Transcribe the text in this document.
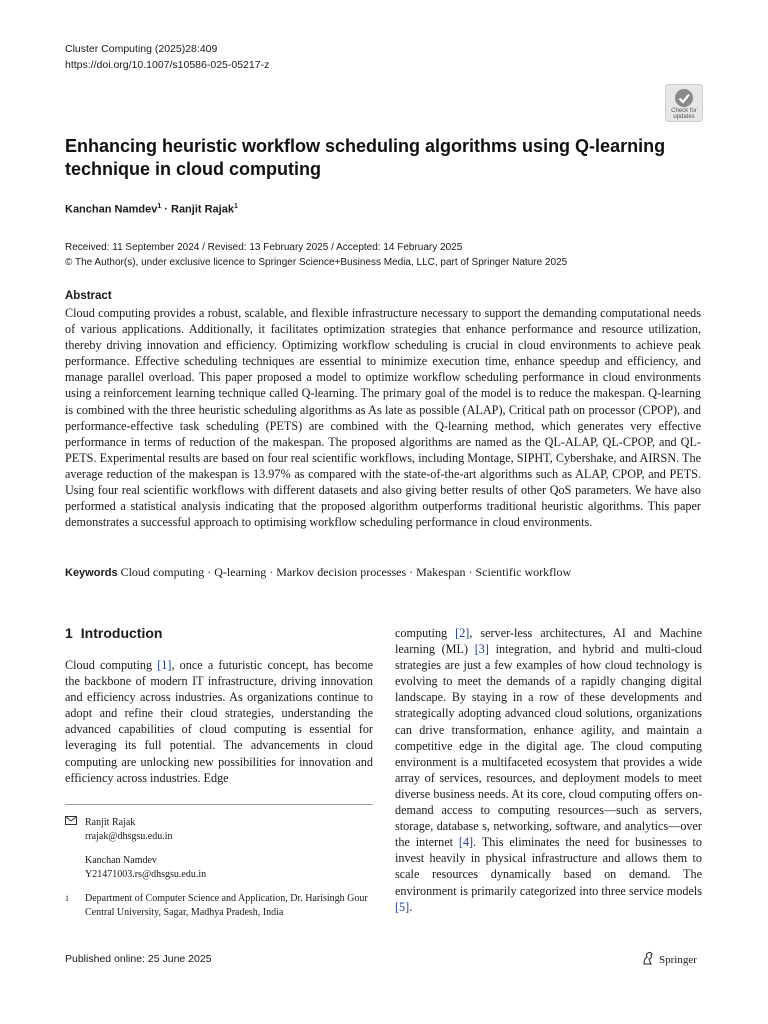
Cluster Computing (2025)28:409
https://doi.org/10.1007/s10586-025-05217-z
Check for
updates
Enhancing heuristic workflow scheduling algorithms using Q-learning technique in cloud computing
Kanchan Namdev$^1$ · Ranjit Rajak$^1$
Received: 11 September 2024 / Revised: 13 February 2025 / Accepted: 14 February 2025
© The Author(s), under exclusive licence to Springer Science+Business Media, LLC, part of Springer Nature 2025
Abstract
Cloud computing provides a robust, scalable, and flexible infrastructure necessary to support the demanding computational needs of various applications. Additionally, it facilitates optimization strategies that enhance performance and resource utilization, thereby driving innovation and efficiency. Optimizing workflow scheduling is crucial in cloud environments to achieve peak performance. Effective scheduling techniques are essential to minimize execution time, enhance speedup and efficiency, and manage parallel overload. This paper proposed a model to optimize workflow scheduling performance in cloud environments using a reinforcement learning technique called Q-learning. The primary goal of the model is to reduce the makespan. Q-learning is combined with the three heuristic scheduling algorithms as As late as possible (ALAP), Critical path on processor (CPOP), and performance-effective task scheduling (PETS) are combined with the Q-learning method, which generates very effective performance in terms of reduction of the makespan. The proposed algorithms are named as the QL-ALAP, QL-CPOP, and QL-PETS. Experimental results are based on four real scientific workflows, including Montage, SIPHT, Cybershake, and AIRSN. The average reduction of the makespan is 13.97% as compared with the state-of-the-art algorithms such as ALAP, CPOP, and PETS. Using four real scientific workflows with different datasets and also giving better results of other QoS parameters. We have also performed a statistical analysis indicating that the proposed algorithm outperforms traditional heuristic algorithms. This paper demonstrates a successful approach to optimising workflow scheduling performance in cloud environments.
Keywords Cloud computing · Q-learning · Markov decision processes · Makespan · Scientific workflow
1 Introduction
Cloud computing [1], once a futuristic concept, has become the backbone of modern IT infrastructure, driving innovation and efficiency across industries. As organizations continue to adopt and refine their cloud strategies, understanding the advanced capabilities of cloud computing is essential for leveraging its full potential. The advancements in cloud computing are unlocking new possibilities for innovation and efficiency across industries. Edge
computing [2], server-less architectures, AI and Machine learning (ML) [3] integration, and hybrid and multi-cloud strategies are just a few examples of how cloud technology is evolving to meet the demands of a rapidly changing digital landscape. By staying in a row of these developments and strategically adopting advanced cloud solutions, organizations can drive transformation, enhance agility, and maintain a competitive edge in the digital age. The cloud computing environment is a multifaceted ecosystem that provides a wide array of services, resources, and deployment models to meet diverse business needs. At its core, cloud computing offers on-demand access to computing resources—such as servers, storage, database s, networking, software, and analytics—over the internet [4]. This eliminates the need for businesses to invest heavily in physical infrastructure and allows them to scale resources dynamically based on demand. The environment is primarily categorized into three service models [5].
Ranjit Rajak
rrajak@dhsgsu.edu.in
Kanchan Namdev
Y21471003.rs@dhsgsu.edu.in
1 Department of Computer Science and Application, Dr. Harisingh Gour Central University, Sagar, Madhya Pradesh, India
Published online: 25 June 2025	Springer
